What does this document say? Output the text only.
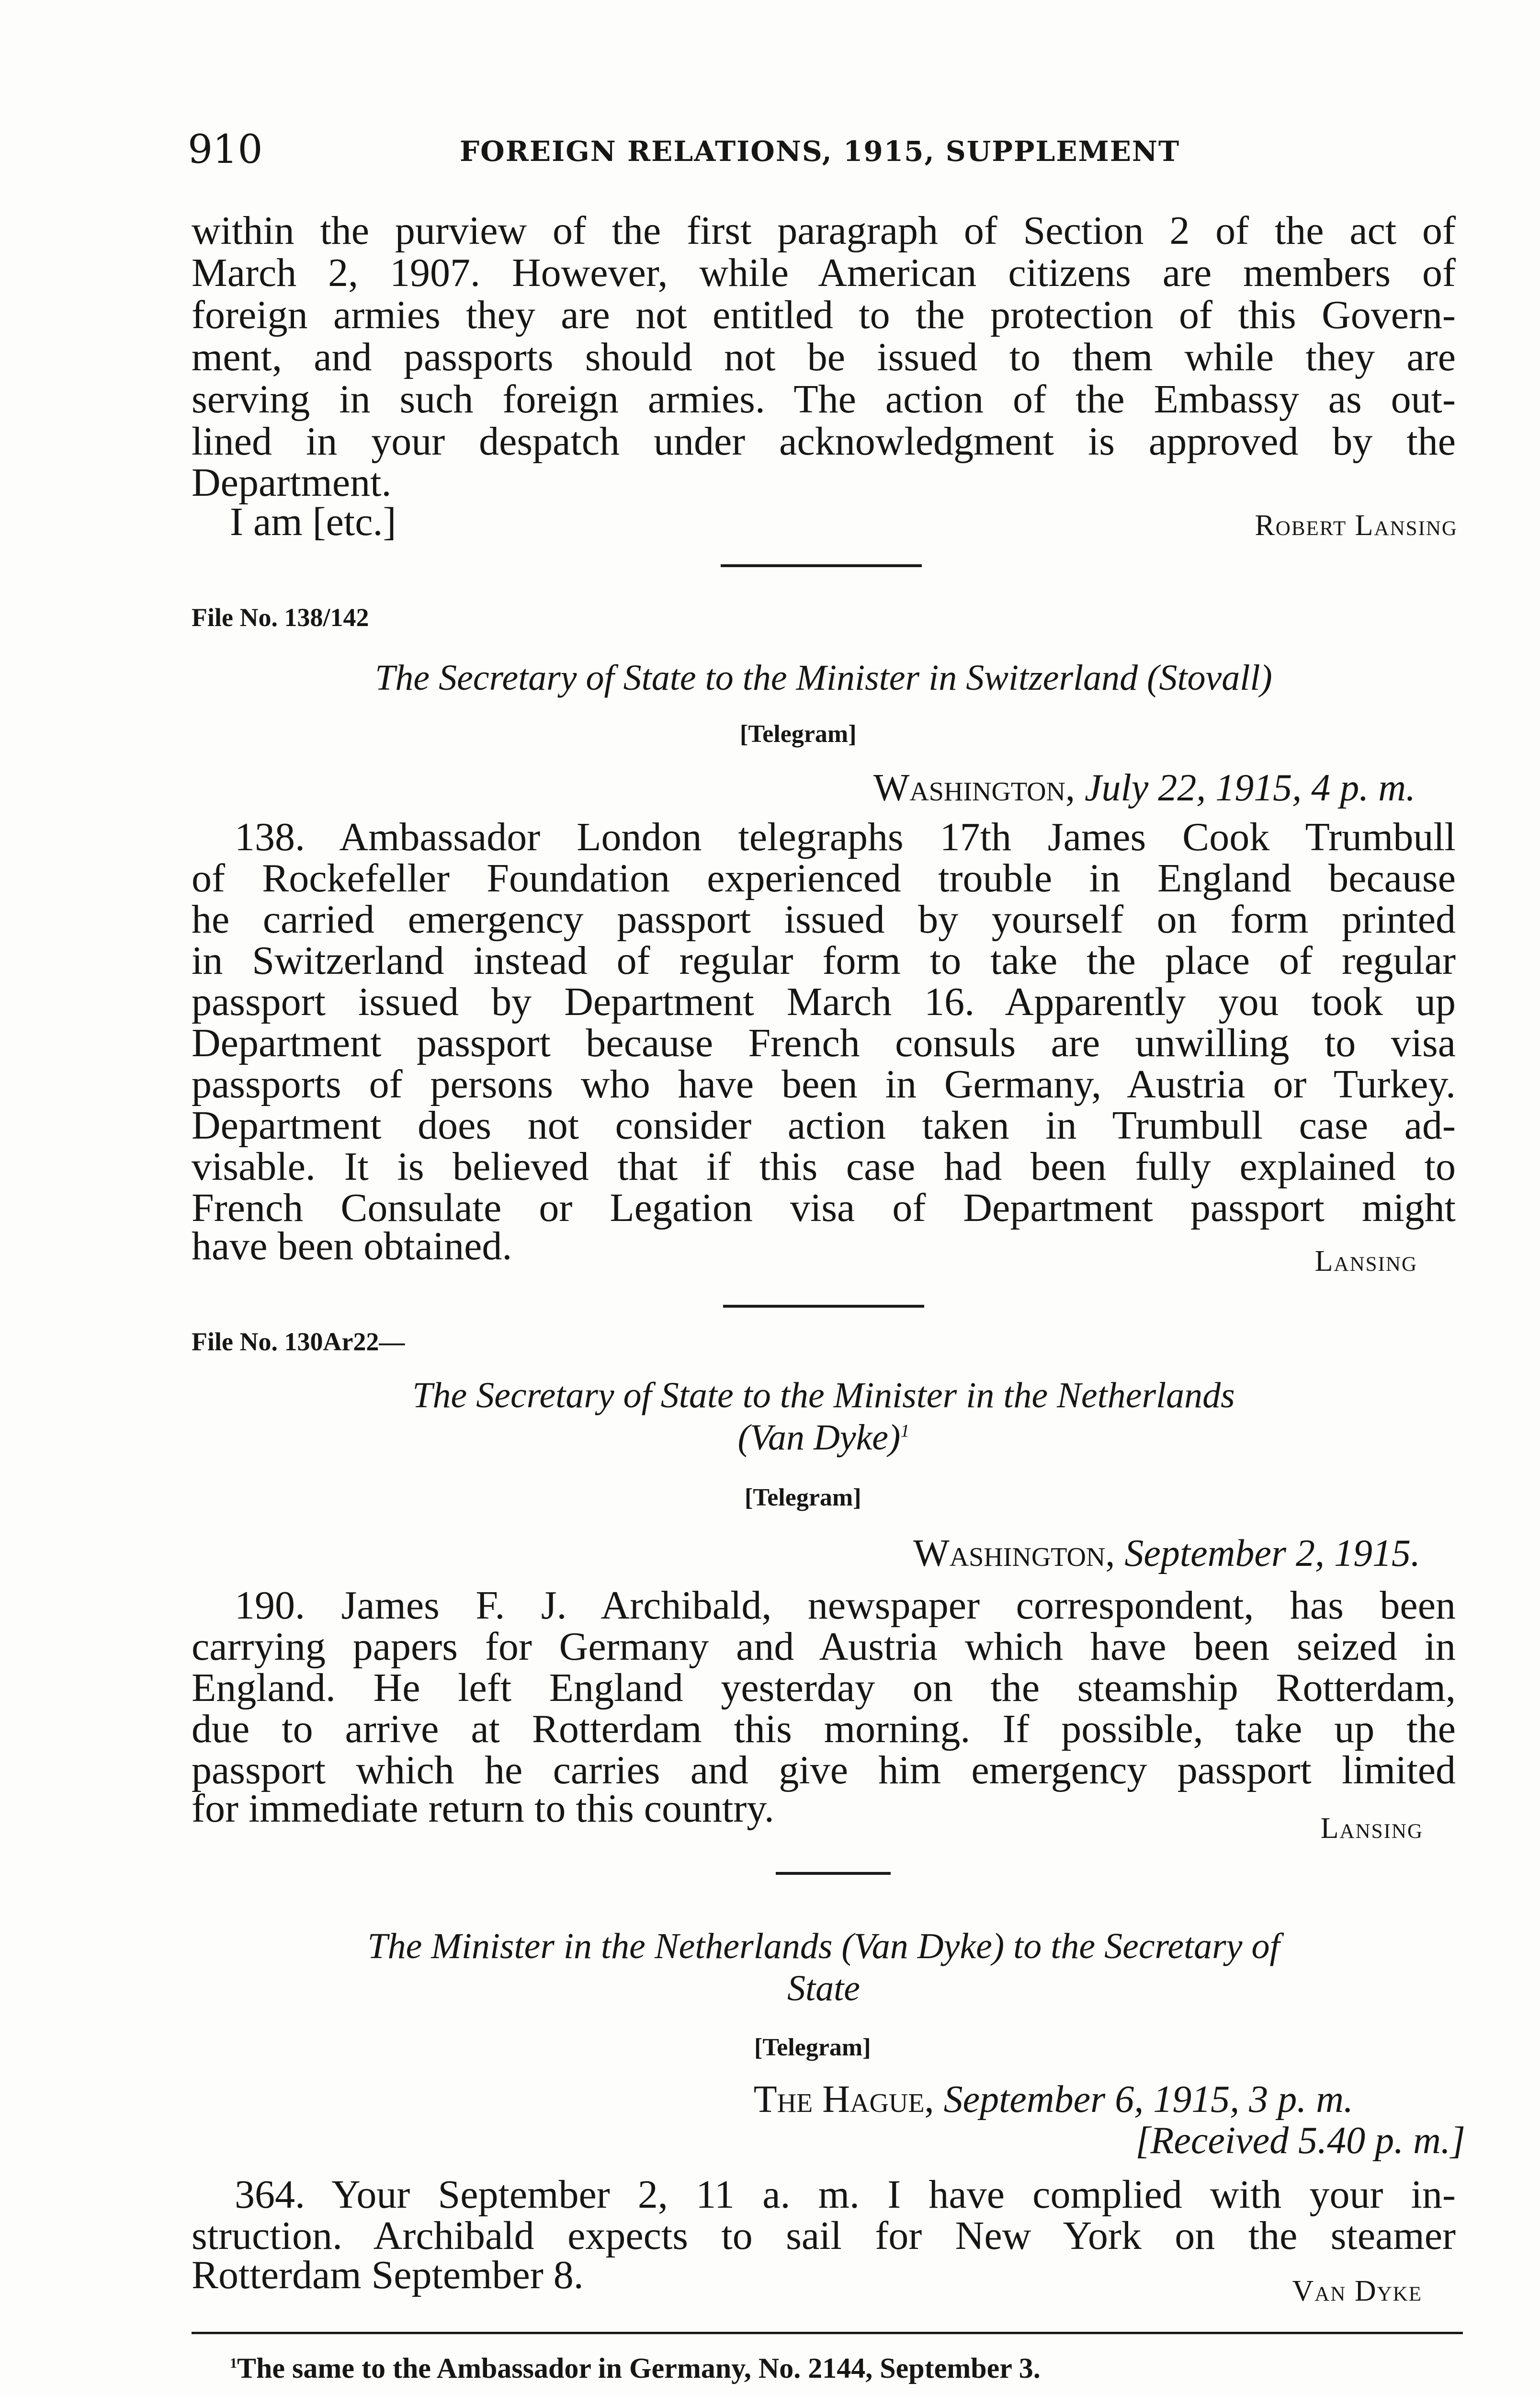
910	FOREIGN RELATIONS, 1915, SUPPLEMENT
within the purview of the first paragraph of Section 2 of the act of
March 2, 1907. However, while American citizens are members of
foreign armies they are not entitled to the protection of this Govern-
ment, and passports should not be issued to them while they are
serving in such foreign armies. The action of the Embassy as out-
lined in your despatch under acknowledgment is approved by the
Department.
I am [etc.]	Robert Lansing
File No. 138/142
The Secretary of State to the Minister in Switzerland (Stovall)
[Telegram]
Washington, July 22, 1915, 4 p. m.
138. Ambassador London telegraphs 17th James Cook Trumbull
of Rockefeller Foundation experienced trouble in England because
he carried emergency passport issued by yourself on form printed
in Switzerland instead of regular form to take the place of regular
passport issued by Department March 16. Apparently you took up
Department passport because French consuls are unwilling to visa
passports of persons who have been in Germany, Austria or Turkey.
Department does not consider action taken in Trumbull case ad-
visable. It is believed that if this case had been fully explained to
French Consulate or Legation visa of Department passport might
have been obtained.	Lansing
File No. 130Ar22—
The Secretary of State to the Minister in the Netherlands
(Van Dyke)$^1$
[Telegram]
Washington, September 2, 1915.
190. James F. J. Archibald, newspaper correspondent, has been
carrying papers for Germany and Austria which have been seized in
England. He left England yesterday on the steamship Rotterdam,
due to arrive at Rotterdam this morning. If possible, take up the
passport which he carries and give him emergency passport limited
for immediate return to this country.	Lansing
The Minister in the Netherlands (Van Dyke) to the Secretary of
State
[Telegram]
The Hague, September 6, 1915, 3 p. m.
[Received 5.40 p. m.]
364. Your September 2, 11 a. m. I have complied with your in-
struction. Archibald expects to sail for New York on the steamer
Rotterdam September 8.	Van Dyke
$^1$The same to the Ambassador in Germany, No. 2144, September 3.
